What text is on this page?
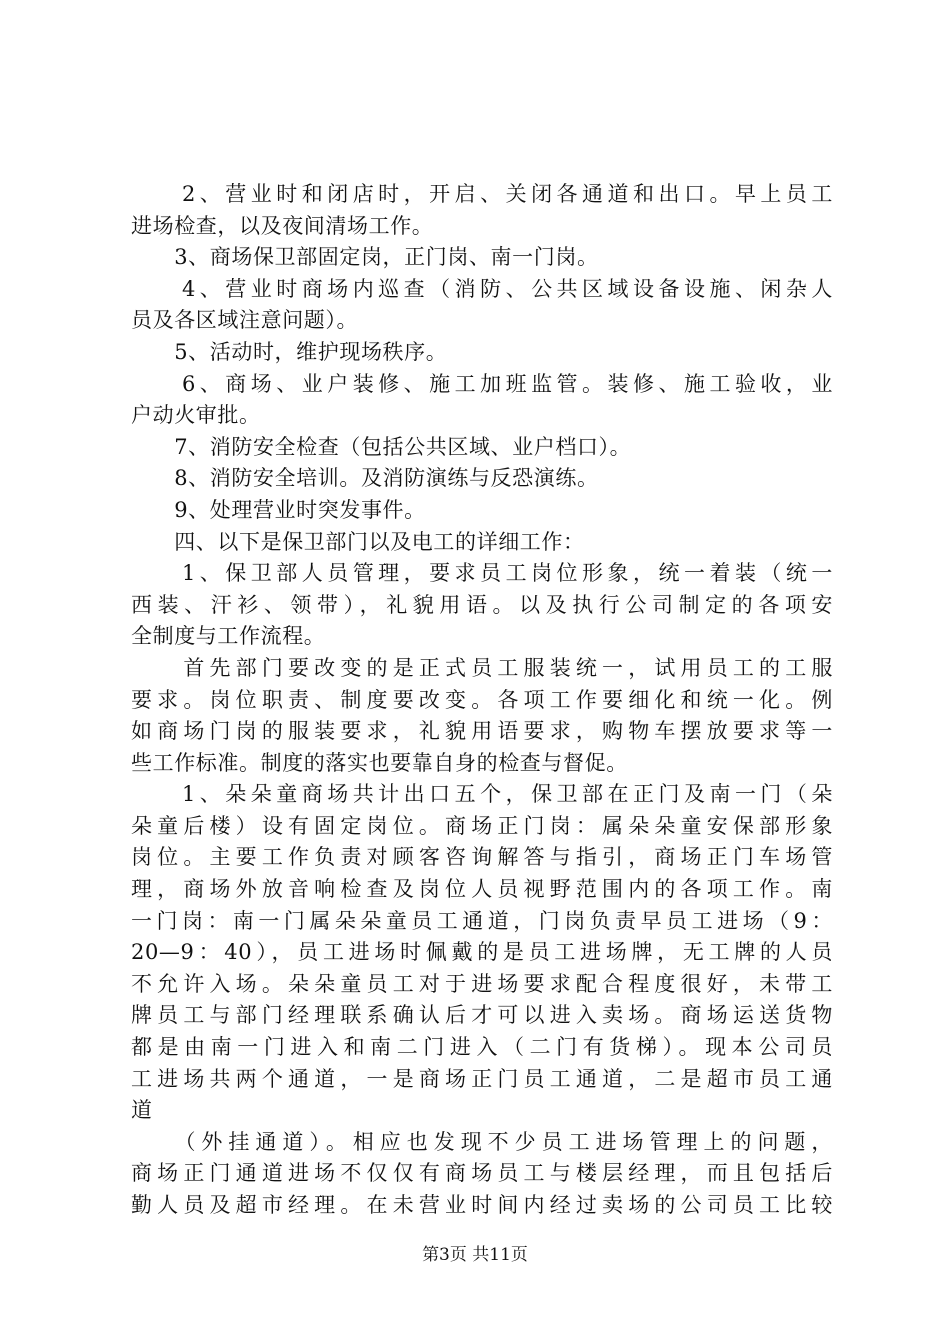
　　2、营业时和闭店时，开启、关闭各通道和出口。早上员工
进场检查，以及夜间清场工作。
　　3、商场保卫部固定岗，正门岗、南一门岗。
　　4、营业时商场内巡查（消防、公共区域设备设施、闲杂人
员及各区域注意问题）。
　　5、活动时，维护现场秩序。
　　6、商场、业户装修、施工加班监管。装修、施工验收，业
户动火审批。
　　7、消防安全检查（包括公共区域、业户档口）。
　　8、消防安全培训。及消防演练与反恐演练。
　　9、处理营业时突发事件。
　　四、以下是保卫部门以及电工的详细工作：
　　1、保卫部人员管理，要求员工岗位形象，统一着装（统一
西装、汗衫、领带），礼貌用语。以及执行公司制定的各项安
全制度与工作流程。
　　首先部门要改变的是正式员工服装统一，试用员工的工服
要求。岗位职责、制度要改变。各项工作要细化和统一化。例
如商场门岗的服装要求，礼貌用语要求，购物车摆放要求等一
些工作标准。制度的落实也要靠自身的检查与督促。
　　1、朵朵童商场共计出口五个，保卫部在正门及南一门（朵
朵童后楼）设有固定岗位。商场正门岗：属朵朵童安保部形象
岗位。主要工作负责对顾客咨询解答与指引，商场正门车场管
理，商场外放音响检查及岗位人员视野范围内的各项工作。南
一门岗：南一门属朵朵童员工通道，门岗负责早员工进场（9：
20—9：40），员工进场时佩戴的是员工进场牌，无工牌的人员
不允许入场。朵朵童员工对于进场要求配合程度很好，未带工
牌员工与部门经理联系确认后才可以进入卖场。商场运送货物
都是由南一门进入和南二门进入（二门有货梯）。现本公司员
工进场共两个通道，一是商场正门员工通道，二是超市员工通
道
　　（外挂通道）。相应也发现不少员工进场管理上的问题，
商场正门通道进场不仅仅有商场员工与楼层经理，而且包括后
勤人员及超市经理。在未营业时间内经过卖场的公司员工比较
第3页 共11页
